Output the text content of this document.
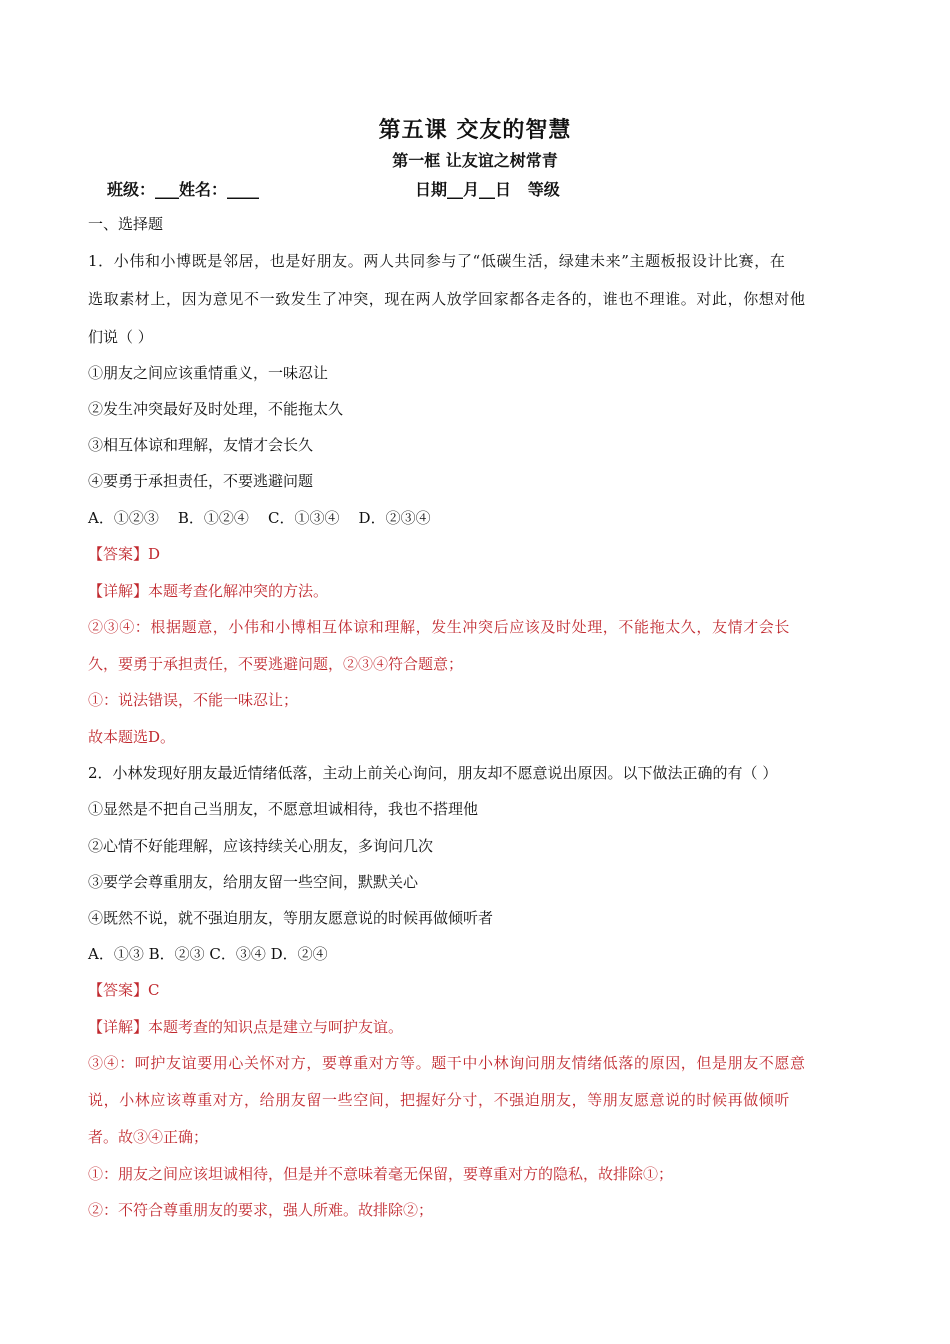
第五课 交友的智慧
第一框 让友谊之树常青
班级：___姓名：____	日期__月__日   等级
一、选择题
1．小伟和小博既是邻居，也是好朋友。两人共同参与了“低碳生活，绿建未来”主题板报设计比赛，在
选取素材上，因为意见不一致发生了冲突，现在两人放学回家都各走各的，谁也不理谁。对此，你想对他
们说（ ）
①朋友之间应该重情重义，一味忍让
②发生冲突最好及时处理，不能拖太久
③相互体谅和理解，友情才会长久
④要勇于承担责任，不要逃避问题
A．①②③    B．①②④    C．①③④    D．②③④
【答案】D
【详解】本题考查化解冲突的方法。
②③④：根据题意，小伟和小博相互体谅和理解，发生冲突后应该及时处理，不能拖太久，友情才会长
久，要勇于承担责任，不要逃避问题，②③④符合题意；
①：说法错误，不能一味忍让；
故本题选D。
2．小林发现好朋友最近情绪低落，主动上前关心询问，朋友却不愿意说出原因。以下做法正确的有（ ）
①显然是不把自己当朋友，不愿意坦诚相待，我也不搭理他
②心情不好能理解，应该持续关心朋友，多询问几次
③要学会尊重朋友，给朋友留一些空间，默默关心
④既然不说，就不强迫朋友，等朋友愿意说的时候再做倾听者
A．①③ B．②③ C．③④ D．②④
【答案】C
【详解】本题考查的知识点是建立与呵护友谊。
③④：呵护友谊要用心关怀对方，要尊重对方等。题干中小林询问朋友情绪低落的原因，但是朋友不愿意
说，小林应该尊重对方，给朋友留一些空间，把握好分寸，不强迫朋友，等朋友愿意说的时候再做倾听
者。故③④正确；
①：朋友之间应该坦诚相待，但是并不意味着毫无保留，要尊重对方的隐私，故排除①；
②：不符合尊重朋友的要求，强人所难。故排除②；
